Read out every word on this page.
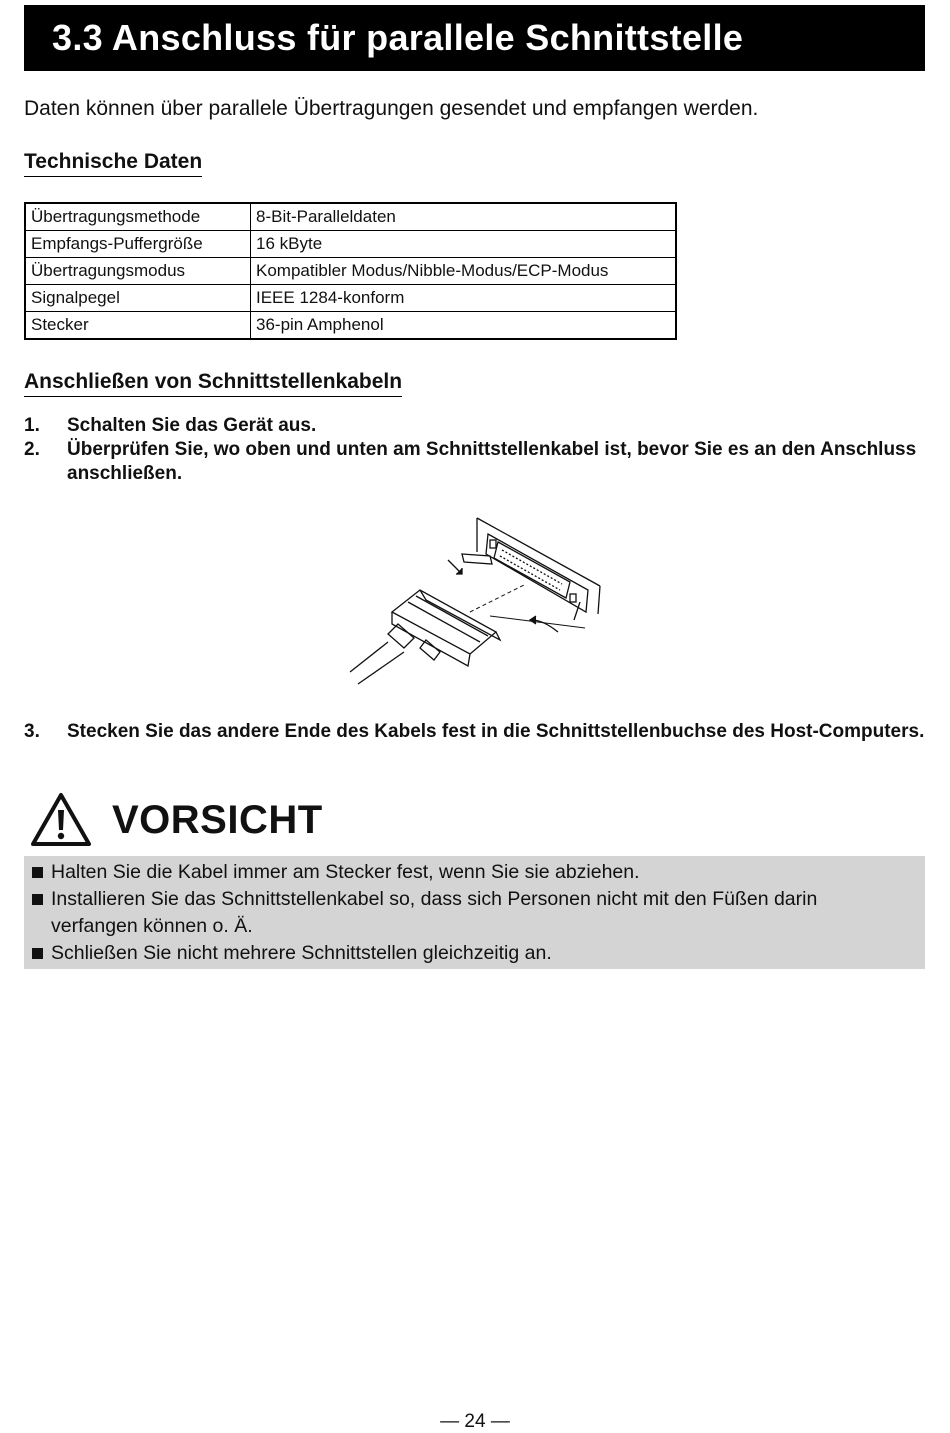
3.3 Anschluss für parallele Schnittstelle
Daten können über parallele Übertragungen gesendet und empfangen werden.
Technische Daten
Übertragungsmethode	8-Bit-Paralleldaten
Empfangs-Puffergröße	16 kByte
Übertragungsmodus	Kompatibler Modus/Nibble-Modus/ECP-Modus
Signalpegel	IEEE 1284-konform
Stecker	36-pin Amphenol
Anschließen von Schnittstellenkabeln
1.	Schalten Sie das Gerät aus.
2.	Überprüfen Sie, wo oben und unten am Schnittstellenkabel ist, bevor Sie es an den Anschluss anschließen.
3.	Stecken Sie das andere Ende des Kabels fest in die Schnittstellenbuchse des Host-Computers.
VORSICHT
Halten Sie die Kabel immer am Stecker fest, wenn Sie sie abziehen.
Installieren Sie das Schnittstellenkabel so, dass sich Personen nicht mit den Füßen darin verfangen können o. Ä.
Schließen Sie nicht mehrere Schnittstellen gleichzeitig an.
— 24 —
